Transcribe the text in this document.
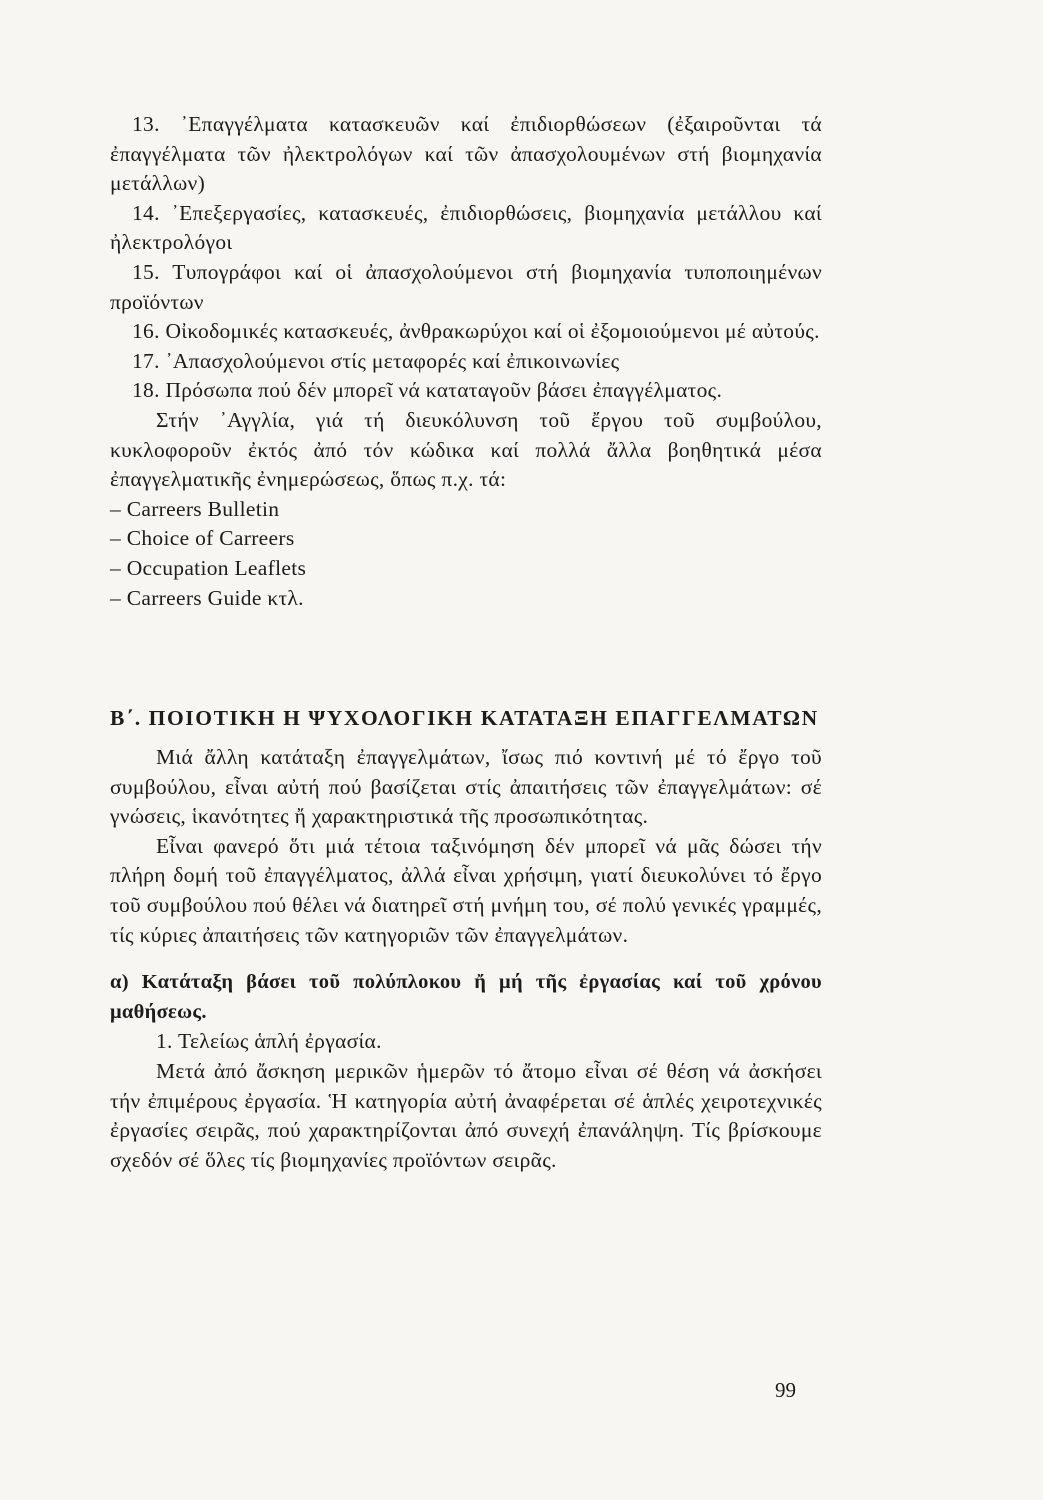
13. ᾽Επαγγέλματα κατασκευῶν καί ἐπιδιορθώσεων (ἐξαιροῦνται τά ἐπαγγέλματα τῶν ἠλεκτρολόγων καί τῶν ἀπασχολουμένων στή βιομηχανία μετάλλων)

14. ᾽Επεξεργασίες, κατασκευές, ἐπιδιορθώσεις, βιομηχανία μετάλλου καί ἠλεκτρολόγοι

15. Τυπογράφοι καί οἱ ἀπασχολούμενοι στή βιομηχανία τυποποιημένων προϊόντων

16. Οἰκοδομικές κατασκευές, ἀνθρακωρύχοι καί οἱ ἐξομοιούμενοι μέ αὐτούς.

17. ᾽Απασχολούμενοι στίς μεταφορές καί ἐπικοινωνίες

18. Πρόσωπα πού δέν μπορεῖ νά καταταγοῦν βάσει ἐπαγγέλματος.

Στήν ᾽Αγγλία, γιά τή διευκόλυνση τοῦ ἔργου τοῦ συμβούλου, κυκλοφοροῦν ἐκτός ἀπό τόν κώδικα καί πολλά ἄλλα βοηθητικά μέσα ἐπαγγελματικῆς ἐνημερώσεως, ὅπως π.χ. τά:

– Carreers Bulletin

– Choice of Carreers

– Occupation Leaflets

– Carreers Guide κτλ.

Β΄. ΠΟΙΟΤΙΚΗ Η ΨΥΧΟΛΟΓΙΚΗ ΚΑΤΑΤΑΞΗ ΕΠΑΓΓΕΛΜΑΤΩΝ

Μιά ἄλλη κατάταξη ἐπαγγελμάτων, ἴσως πιό κοντινή μέ τό ἔργο τοῦ συμβούλου, εἶναι αὐτή πού βασίζεται στίς ἀπαιτήσεις τῶν ἐπαγγελμάτων: σέ γνώσεις, ἱκανότητες ἤ χαρακτηριστικά τῆς προσωπικότητας.

Εἶναι φανερό ὅτι μιά τέτοια ταξινόμηση δέν μπορεῖ νά μᾶς δώσει τήν πλήρη δομή τοῦ ἐπαγγέλματος, ἀλλά εἶναι χρήσιμη, γιατί διευκολύνει τό ἔργο τοῦ συμβούλου πού θέλει νά διατηρεῖ στή μνήμη του, σέ πολύ γενικές γραμμές, τίς κύριες ἀπαιτήσεις τῶν κατηγοριῶν τῶν ἐπαγγελμάτων.

α) Κατάταξη βάσει τοῦ πολύπλοκου ἤ μή τῆς ἐργασίας καί τοῦ χρόνου μαθήσεως.

1. Τελείως ἁπλή ἐργασία.

Μετά ἀπό ἄσκηση μερικῶν ἡμερῶν τό ἄτομο εἶναι σέ θέση νά ἀσκήσει τήν ἐπιμέρους ἐργασία. Ἡ κατηγορία αὐτή ἀναφέρεται σέ ἁπλές χειροτεχνικές ἐργασίες σειρᾶς, πού χαρακτηρίζονται ἀπό συνεχή ἐπανάληψη. Τίς βρίσκουμε σχεδόν σέ ὅλες τίς βιομηχανίες προϊόντων σειρᾶς.

99
